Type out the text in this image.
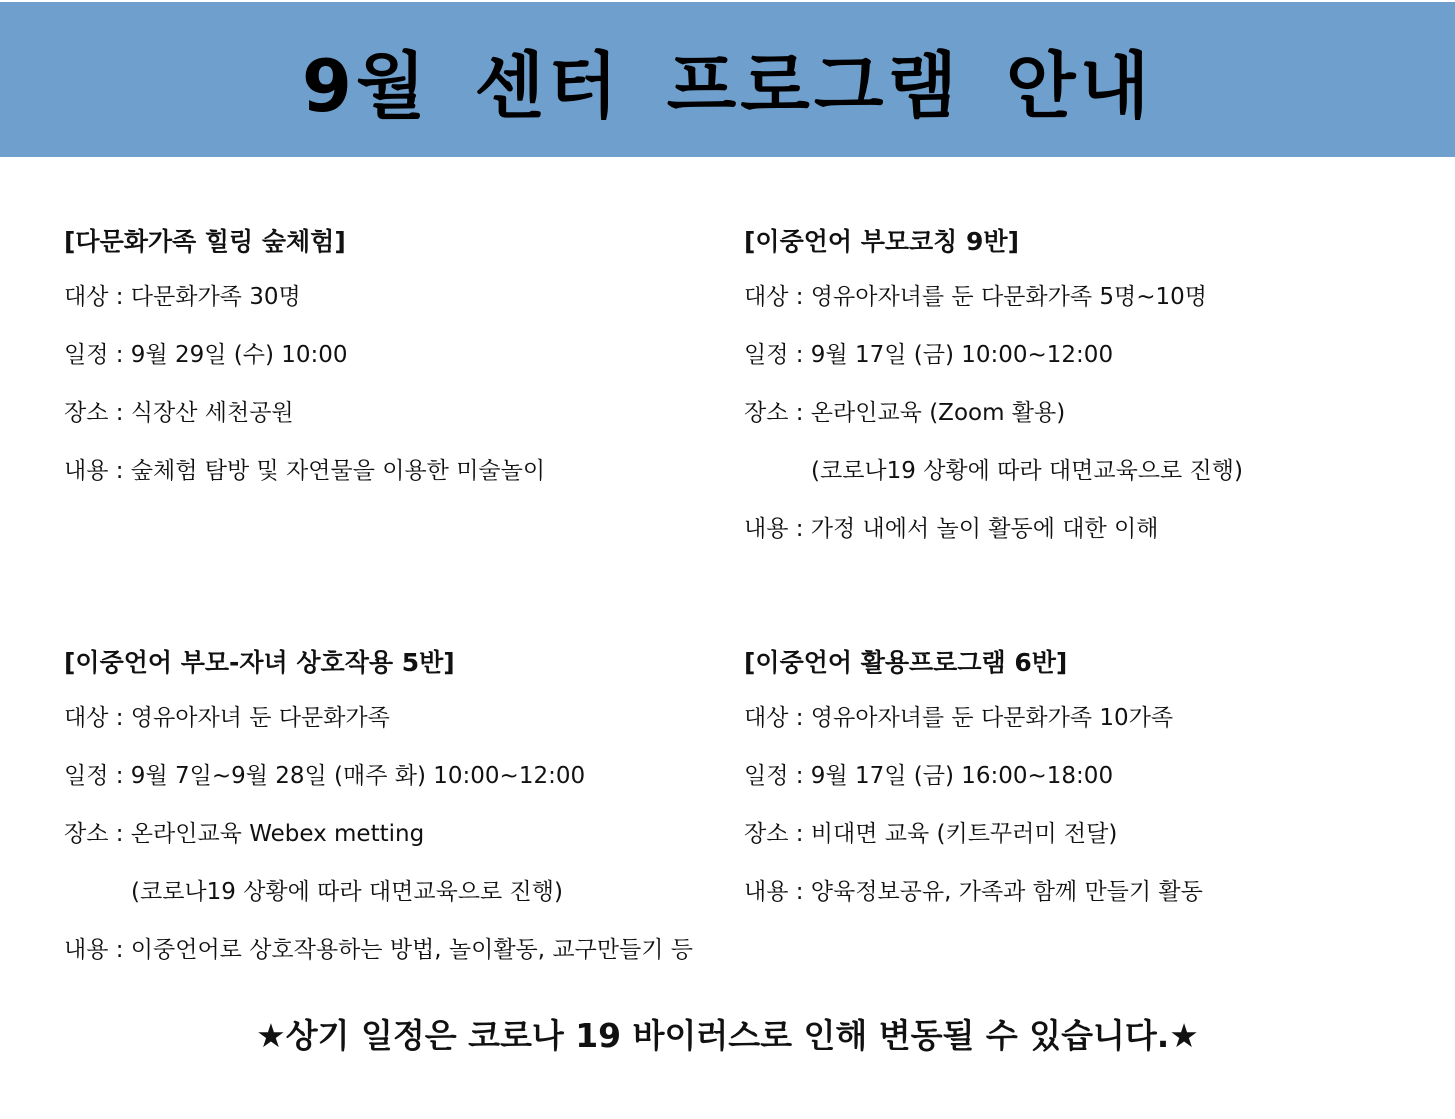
9월 센터 프로그램 안내
[다문화가족 힐링 숲체험]
대상 : 다문화가족 30명
일정 : 9월 29일 (수) 10:00
장소 : 식장산 세천공원
내용 : 숲체험 탐방 및 자연물을 이용한 미술놀이
[이중언어 부모코칭 9반]
대상 : 영유아자녀를 둔 다문화가족 5명~10명
일정 : 9월 17일 (금) 10:00~12:00
장소 : 온라인교육 (Zoom 활용)
(코로나19 상황에 따라 대면교육으로 진행)
내용 : 가정 내에서 놀이 활동에 대한 이해
[이중언어 부모-자녀 상호작용 5반]
대상 : 영유아자녀 둔 다문화가족
일정 : 9월 7일~9월 28일 (매주 화) 10:00~12:00
장소 : 온라인교육 Webex metting
(코로나19 상황에 따라 대면교육으로 진행)
내용 : 이중언어로 상호작용하는 방법, 놀이활동, 교구만들기 등
[이중언어 활용프로그램 6반]
대상 : 영유아자녀를 둔 다문화가족 10가족
일정 : 9월 17일 (금) 16:00~18:00
장소 : 비대면 교육 (키트꾸러미 전달)
내용 : 양육정보공유, 가족과 함께 만들기 활동
★상기 일정은 코로나 19 바이러스로 인해 변동될 수 있습니다.★
